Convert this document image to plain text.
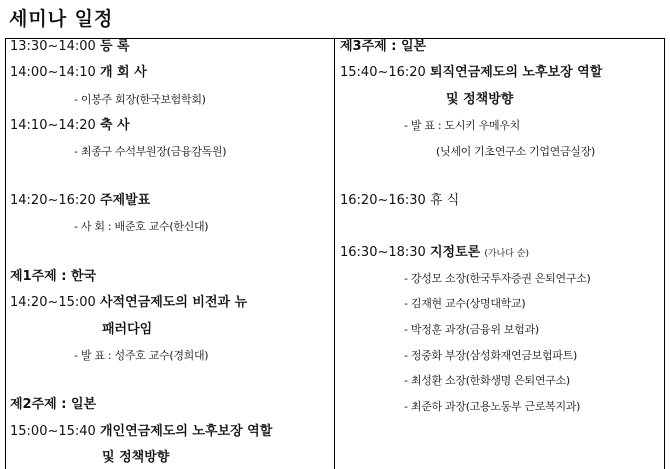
세미나 일정
13:30~14:00 등 록
14:00~14:10 개 회 사
- 이봉주 회장(한국보험학회)
14:10~14:20 축 사
- 최종구 수석부원장(금융감독원)
14:20~16:20 주제발표
- 사 회 : 배준호 교수(한신대)
제1주제 : 한국
14:20~15:00 사적연금제도의 비전과 뉴
패러다임
- 발 표 : 성주호 교수(경희대)
제2주제 : 일본
15:00~15:40 개인연금제도의 노후보장 역할
및 정책방향
제3주제 : 일본
15:40~16:20 퇴직연금제도의 노후보장 역할
및 정책방향
- 발 표 : 도시키 우메우치
(닛세이 기초연구소 기업연금실장)
16:20~16:30 휴 식
16:30~18:30 지정토론 (가나다 순)
- 강성모 소장(한국투자증권 은퇴연구소)
- 김재현 교수(상명대학교)
- 박정훈 과장(금융위 보험과)
- 정중화 부장(삼성화재연금보험파트)
- 최성환 소장(한화생명 은퇴연구소)
- 최준하 과장(고용노동부 근로복지과)
